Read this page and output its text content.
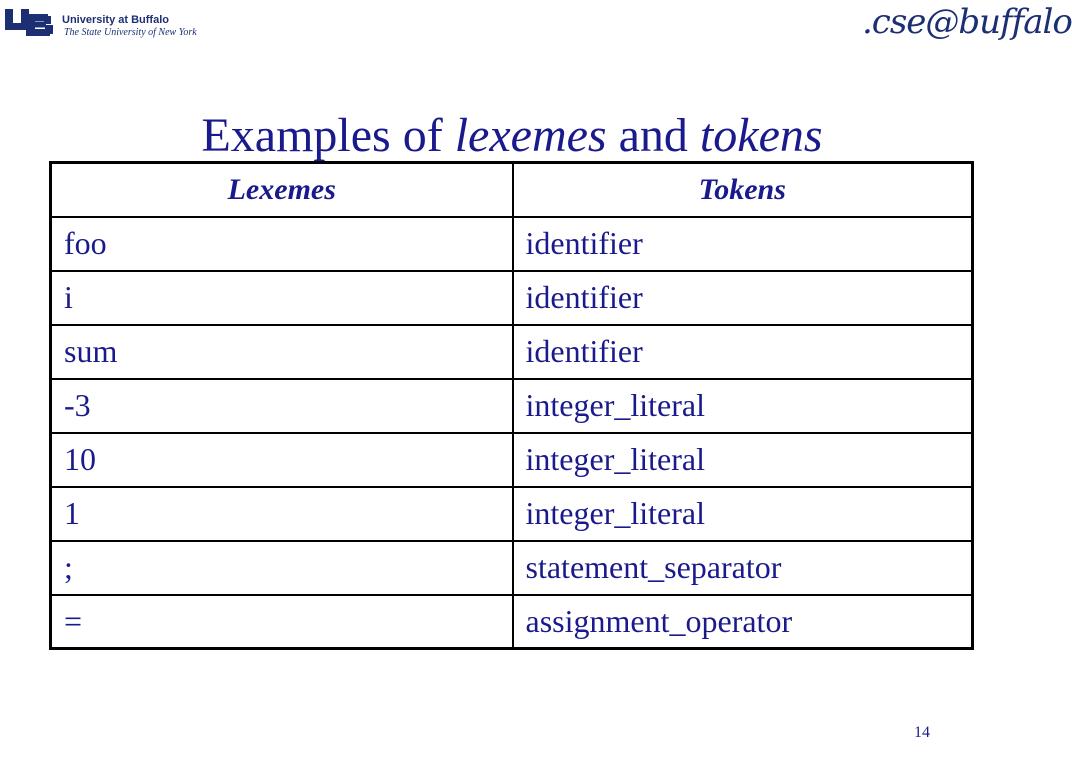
University at Buffalo
The State University of New York	.cse@buffalo
Examples of lexemes and tokens
Lexemes	Tokens
foo	identifier
i	identifier
sum	identifier
-3	integer_literal
10	integer_literal
1	integer_literal
;	statement_separator
=	assignment_operator
14
